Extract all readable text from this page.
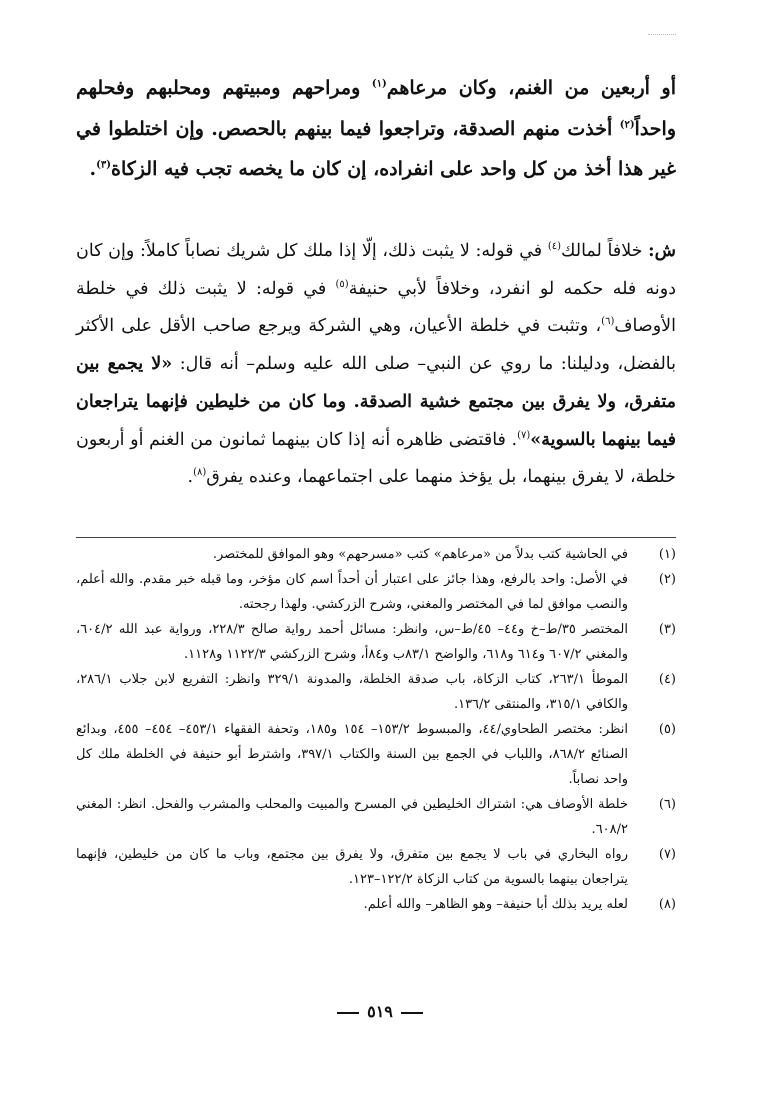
أو أربعين من الغنم، وكان مرعاهم$^{(١)}$ ومراحهم ومبيتهم ومحلبهم وفحلهم واحداً$^{(٢)}$ أخذت منهم الصدقة، وتراجعوا فيما بينهم بالحصص. وإن اختلطوا في غير هذا أخذ من كل واحد على انفراده، إن كان ما يخصه تجب فيه الزكاة$^{(٣)}$.
ش: خلافاً لمالك$^{(٤)}$ في قوله: لا يثبت ذلك، إلّا إذا ملك كل شريك نصاباً كاملاً: وإن كان دونه فله حكمه لو انفرد، وخلافاً لأبي حنيفة$^{(٥)}$ في قوله: لا يثبت ذلك في خلطة الأوصاف$^{(٦)}$، وتثبت في خلطة الأعيان، وهي الشركة ويرجع صاحب الأقل على الأكثر بالفضل، ودليلنا: ما روي عن النبي– صلى الله عليه وسلم– أنه قال: «لا يجمع بين متفرق، ولا يفرق بين مجتمع خشية الصدقة. وما كان من خليطين فإنهما يتراجعان فيما بينهما بالسوية»$^{(٧)}$. فاقتضى ظاهره أنه إذا كان بينهما ثمانون من الغنم أو أربعون خلطة، لا يفرق بينهما، بل يؤخذ منهما على اجتماعهما، وعنده يفرق$^{(٨)}$.
(١)
في الحاشية كتب بدلاً من «مرعاهم» كتب «مسرحهم» وهو الموافق للمختصر.
(٢)
في الأصل: واحد بالرفع، وهذا جائز على اعتبار أن أحداً اسم كان مؤخر، وما قبله خبر مقدم. والله أعلم، والنصب موافق لما في المختصر والمغني، وشرح الزركشي. ولهذا رجحته.
(٣)
المختصر ٣٥/ط–خ و٤٤– ٤٥/ط–س، وانظر: مسائل أحمد رواية صالح ٢٢٨/٣، ورواية عبد الله ٦٠٤/٢، والمغني ٦٠٧/٢ و٦١٤ و٦١٨، والواضح ٨٣/١ب و٨٤أ، وشرح الزركشي ١١٢٢/٣ و١١٢٨.
(٤)
الموطأ ٢٦٣/١، كتاب الزكاة، باب صدقة الخلطة، والمدونة ٣٢٩/١ وانظر: التفريع لابن جلاب ٢٨٦/١، والكافي ٣١٥/١، والمنتقى ١٣٦/٢.
(٥)
انظر: مختصر الطحاوي/٤٤، والمبسوط ١٥٣/٢– ١٥٤ و١٨٥، وتحفة الفقهاء ٤٥٣/١– ٤٥٤– ٤٥٥، وبدائع الصنائع ٨٦٨/٢، واللباب في الجمع بين السنة والكتاب ٣٩٧/١، واشترط أبو حنيفة في الخلطة ملك كل واحد نصاباً.
(٦)
خلطة الأوصاف هي: اشتراك الخليطين في المسرح والمبيت والمحلب والمشرب والفحل. انظر: المغني ٦٠٨/٢.
(٧)
رواه البخاري في باب لا يجمع بين متفرق، ولا يفرق بين مجتمع، وباب ما كان من خليطين، فإنهما يتراجعان بينهما بالسوية من كتاب الزكاة ١٢٢/٢–١٢٣.
(٨)
لعله يريد بذلك أبا حنيفة– وهو الظاهر– والله أعلم.
٥١٩
